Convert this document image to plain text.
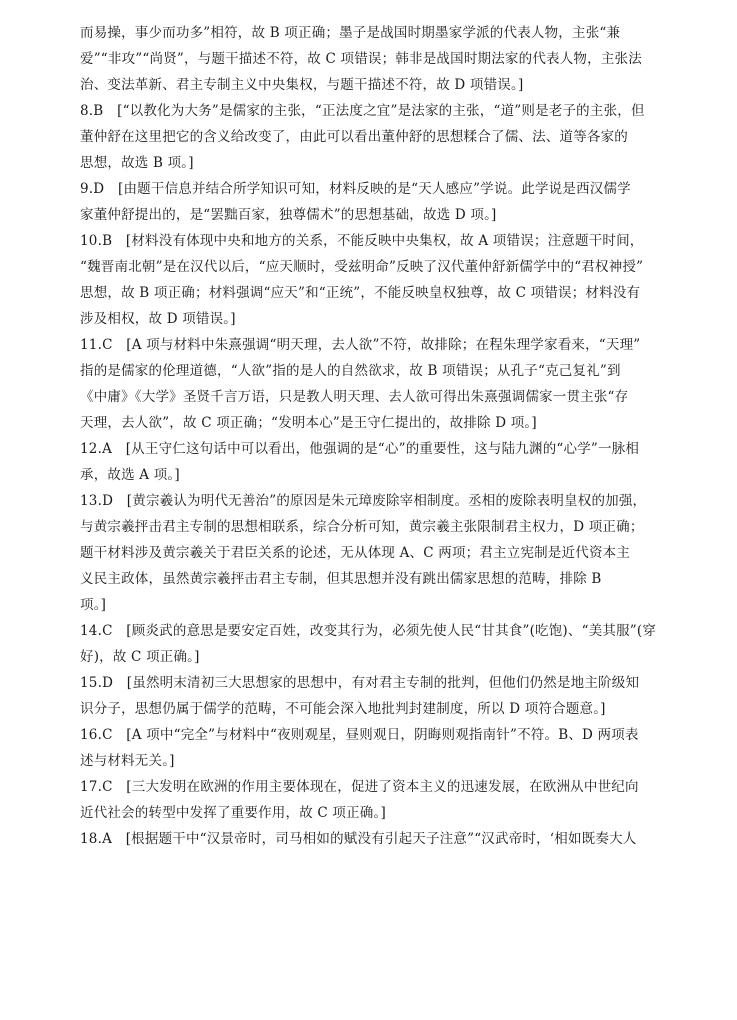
而易操，事少而功多”相符，故 B 项正确；墨子是战国时期墨家学派的代表人物，主张“兼
爱”“非攻”“尚贤”，与题干描述不符，故 C 项错误；韩非是战国时期法家的代表人物，主张法
治、变法革新、君主专制主义中央集权，与题干描述不符，故 D 项错误。]
8.B　[“以教化为大务”是儒家的主张，“正法度之宜”是法家的主张，“道”则是老子的主张，但
董仲舒在这里把它的含义给改变了，由此可以看出董仲舒的思想糅合了儒、法、道等各家的
思想，故选 B 项。]
9.D　[由题干信息并结合所学知识可知，材料反映的是“天人感应”学说。此学说是西汉儒学
家董仲舒提出的，是“罢黜百家，独尊儒术”的思想基础，故选 D 项。]
10.B　[材料没有体现中央和地方的关系，不能反映中央集权，故 A 项错误；注意题干时间，
“魏晋南北朝”是在汉代以后，“应天顺时，受兹明命”反映了汉代董仲舒新儒学中的“君权神授”
思想，故 B 项正确；材料强调“应天”和“正统”，不能反映皇权独尊，故 C 项错误；材料没有
涉及相权，故 D 项错误。]
11.C　[A 项与材料中朱熹强调“明天理，去人欲”不符，故排除；在程朱理学家看来，“天理”
指的是儒家的伦理道德，“人欲”指的是人的自然欲求，故 B 项错误；从孔子“克己复礼”到
《中庸》《大学》圣贤千言万语，只是教人明天理、去人欲可得出朱熹强调儒家一贯主张“存
天理，去人欲”，故 C 项正确；“发明本心”是王守仁提出的，故排除 D 项。]
12.A　[从王守仁这句话中可以看出，他强调的是“心”的重要性，这与陆九渊的“心学”一脉相
承，故选 A 项。]
13.D　[黄宗羲认为明代无善治”的原因是朱元璋废除宰相制度。丞相的废除表明皇权的加强，
与黄宗羲抨击君主专制的思想相联系，综合分析可知，黄宗羲主张限制君主权力，D 项正确；
题干材料涉及黄宗羲关于君臣关系的论述，无从体现 A、C 两项；君主立宪制是近代资本主
义民主政体，虽然黄宗羲抨击君主专制，但其思想并没有跳出儒家思想的范畴，排除 B
项。]
14.C　[顾炎武的意思是要安定百姓，改变其行为，必须先使人民“甘其食”(吃饱)、“美其服”(穿
好)，故 C 项正确。]
15.D　[虽然明末清初三大思想家的思想中，有对君主专制的批判，但他们仍然是地主阶级知
识分子，思想仍属于儒学的范畴，不可能会深入地批判封建制度，所以 D 项符合题意。]
16.C　[A 项中“完全”与材料中“夜则观星，昼则观日，阴晦则观指南针”不符。B、D 两项表
述与材料无关。]
17.C　[三大发明在欧洲的作用主要体现在，促进了资本主义的迅速发展，在欧洲从中世纪向
近代社会的转型中发挥了重要作用，故 C 项正确。]
18.A　[根据题干中“汉景帝时，司马相如的赋没有引起天子注意”“汉武帝时，‘相如既奏大人
